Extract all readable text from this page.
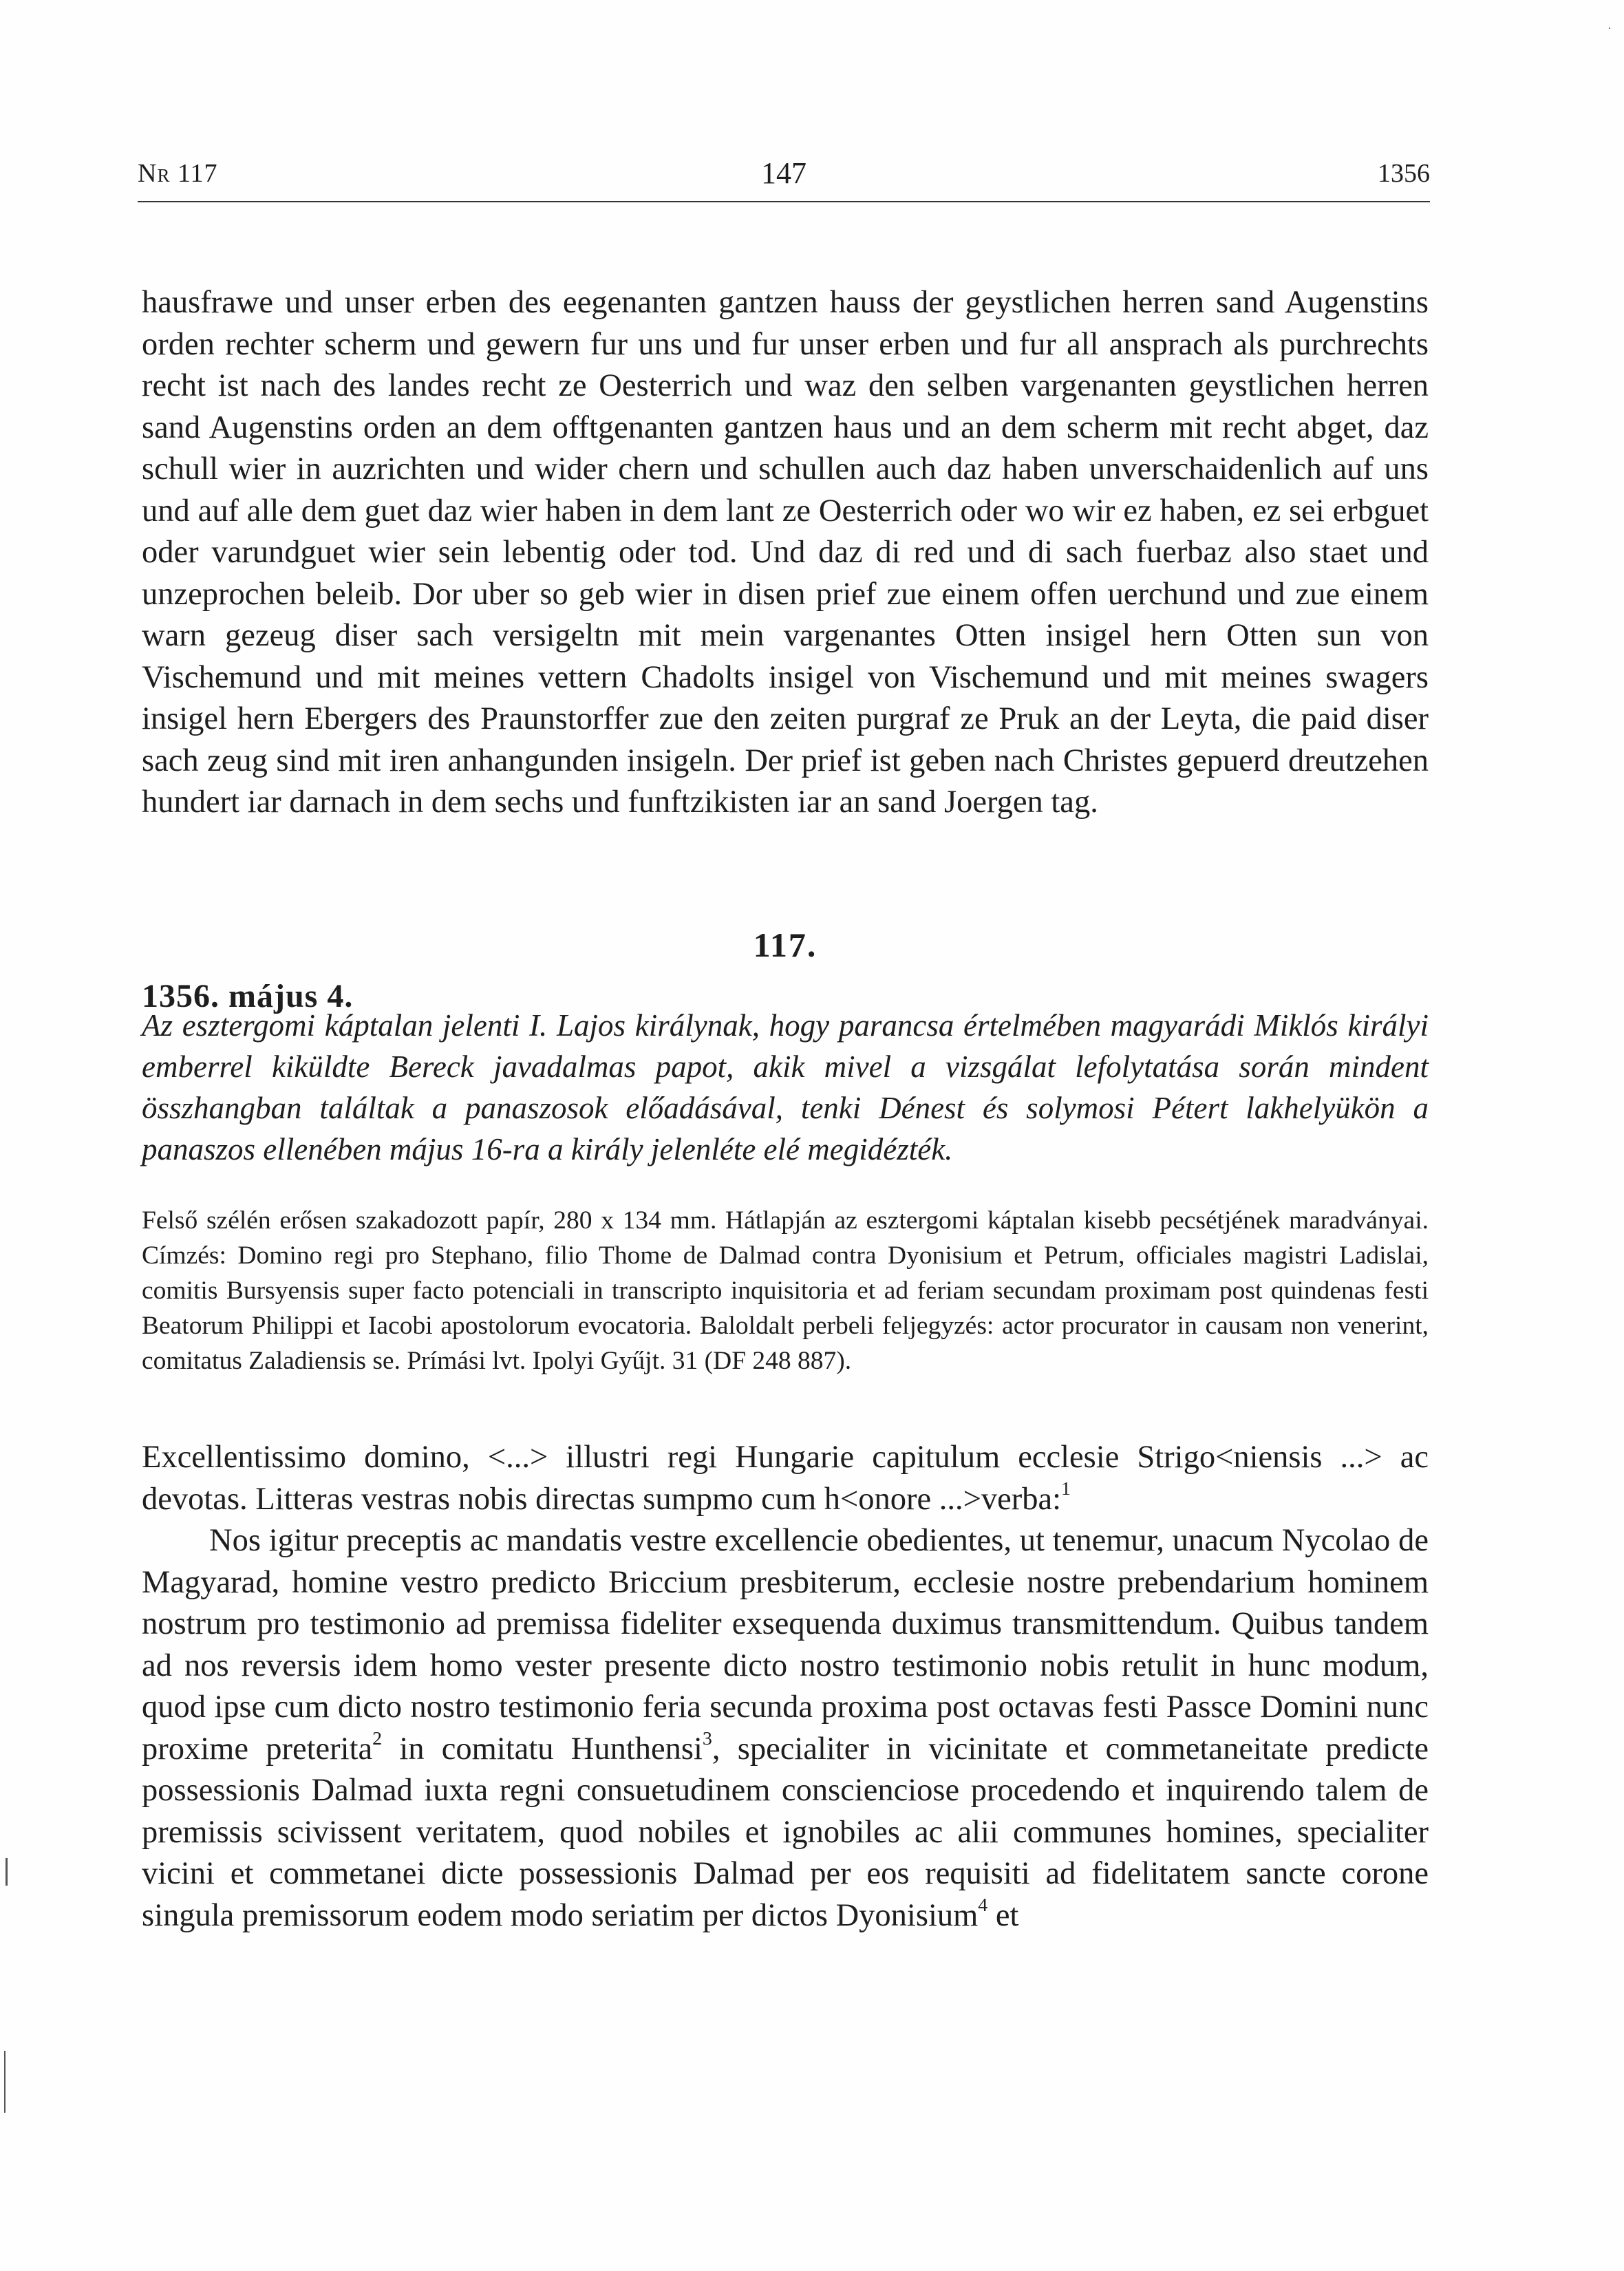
Nr 117	147	1356
hausfrawe und unser erben des eegenanten gantzen hauss der geystlichen herren sand Augenstins orden rechter scherm und gewern fur uns und fur unser erben und fur all ansprach als purchrechts recht ist nach des landes recht ze Oesterrich und waz den selben vargenanten geystlichen herren sand Augenstins orden an dem offtgenanten gantzen haus und an dem scherm mit recht abget, daz schull wier in auzrichten und wider chern und schullen auch daz haben unverschaidenlich auf uns und auf alle dem guet daz wier haben in dem lant ze Oesterrich oder wo wir ez haben, ez sei erbguet oder varundguet wier sein lebentig oder tod. Und daz di red und di sach fuerbaz also staet und unzeprochen beleib. Dor uber so geb wier in disen prief zue einem offen uerchund und zue einem warn gezeug diser sach versigeltn mit mein vargenantes Otten insigel hern Otten sun von Vischemund und mit meines vettern Chadolts insigel von Vischemund und mit meines swagers insigel hern Ebergers des Praunstorffer zue den zeiten purgraf ze Pruk an der Leyta, die paid diser sach zeug sind mit iren anhangunden insigeln. Der prief ist geben nach Christes gepuerd dreutzehen hundert iar darnach in dem sechs und funftzikisten iar an sand Joergen tag.
117.
1356. május 4.
Az esztergomi káptalan jelenti I. Lajos királynak, hogy parancsa értelmében magyarádi Miklós királyi emberrel kiküldte Bereck javadalmas papot, akik mivel a vizsgálat lefolytatása során mindent összhangban találtak a panaszosok előadásával, tenki Dénest és solymosi Pétert lakhelyükön a panaszos ellenében május 16-ra a király jelenléte elé megidézték.
Felső szélén erősen szakadozott papír, 280 x 134 mm. Hátlapján az esztergomi káptalan kisebb pecsétjének maradványai. Címzés: Domino regi pro Stephano, filio Thome de Dalmad contra Dyonisium et Petrum, officiales magistri Ladislai, comitis Bursyensis super facto potenciali in transcripto inquisitoria et ad feriam secundam proximam post quindenas festi Beatorum Philippi et Iacobi apostolorum evocatoria. Baloldalt perbeli feljegyzés: actor procurator in causam non venerint, comitatus Zaladiensis se. Prímási lvt. Ipolyi Gyűjt. 31 (DF 248 887).
Excellentissimo domino, <...> illustri regi Hungarie capitulum ecclesie Strigo<niensis ...> ac devotas. Litteras vestras nobis directas sumpmo cum h<onore ...>verba:$^1$
Nos igitur preceptis ac mandatis vestre excellencie obedientes, ut tenemur, unacum Nycolao de Magyarad, homine vestro predicto Briccium presbiterum, ecclesie nostre prebendarium hominem nostrum pro testimonio ad premissa fideliter exsequenda duximus transmittendum. Quibus tandem ad nos reversis idem homo vester presente dicto nostro testimonio nobis retulit in hunc modum, quod ipse cum dicto nostro testimonio feria secunda proxima post octavas festi Passce Domini nunc proxime preterita$^2$ in comitatu Hunthensi$^3$, specialiter in vicinitate et commetaneitate predicte possessionis Dalmad iuxta regni consuetudinem conscienciose procedendo et inquirendo talem de premissis scivissent veritatem, quod nobiles et ignobiles ac alii communes homines, specialiter vicini et commetanei dicte possessionis Dalmad per eos requisiti ad fidelitatem sancte corone singula premissorum eodem modo seriatim per dictos Dyonisium$^4$ et
